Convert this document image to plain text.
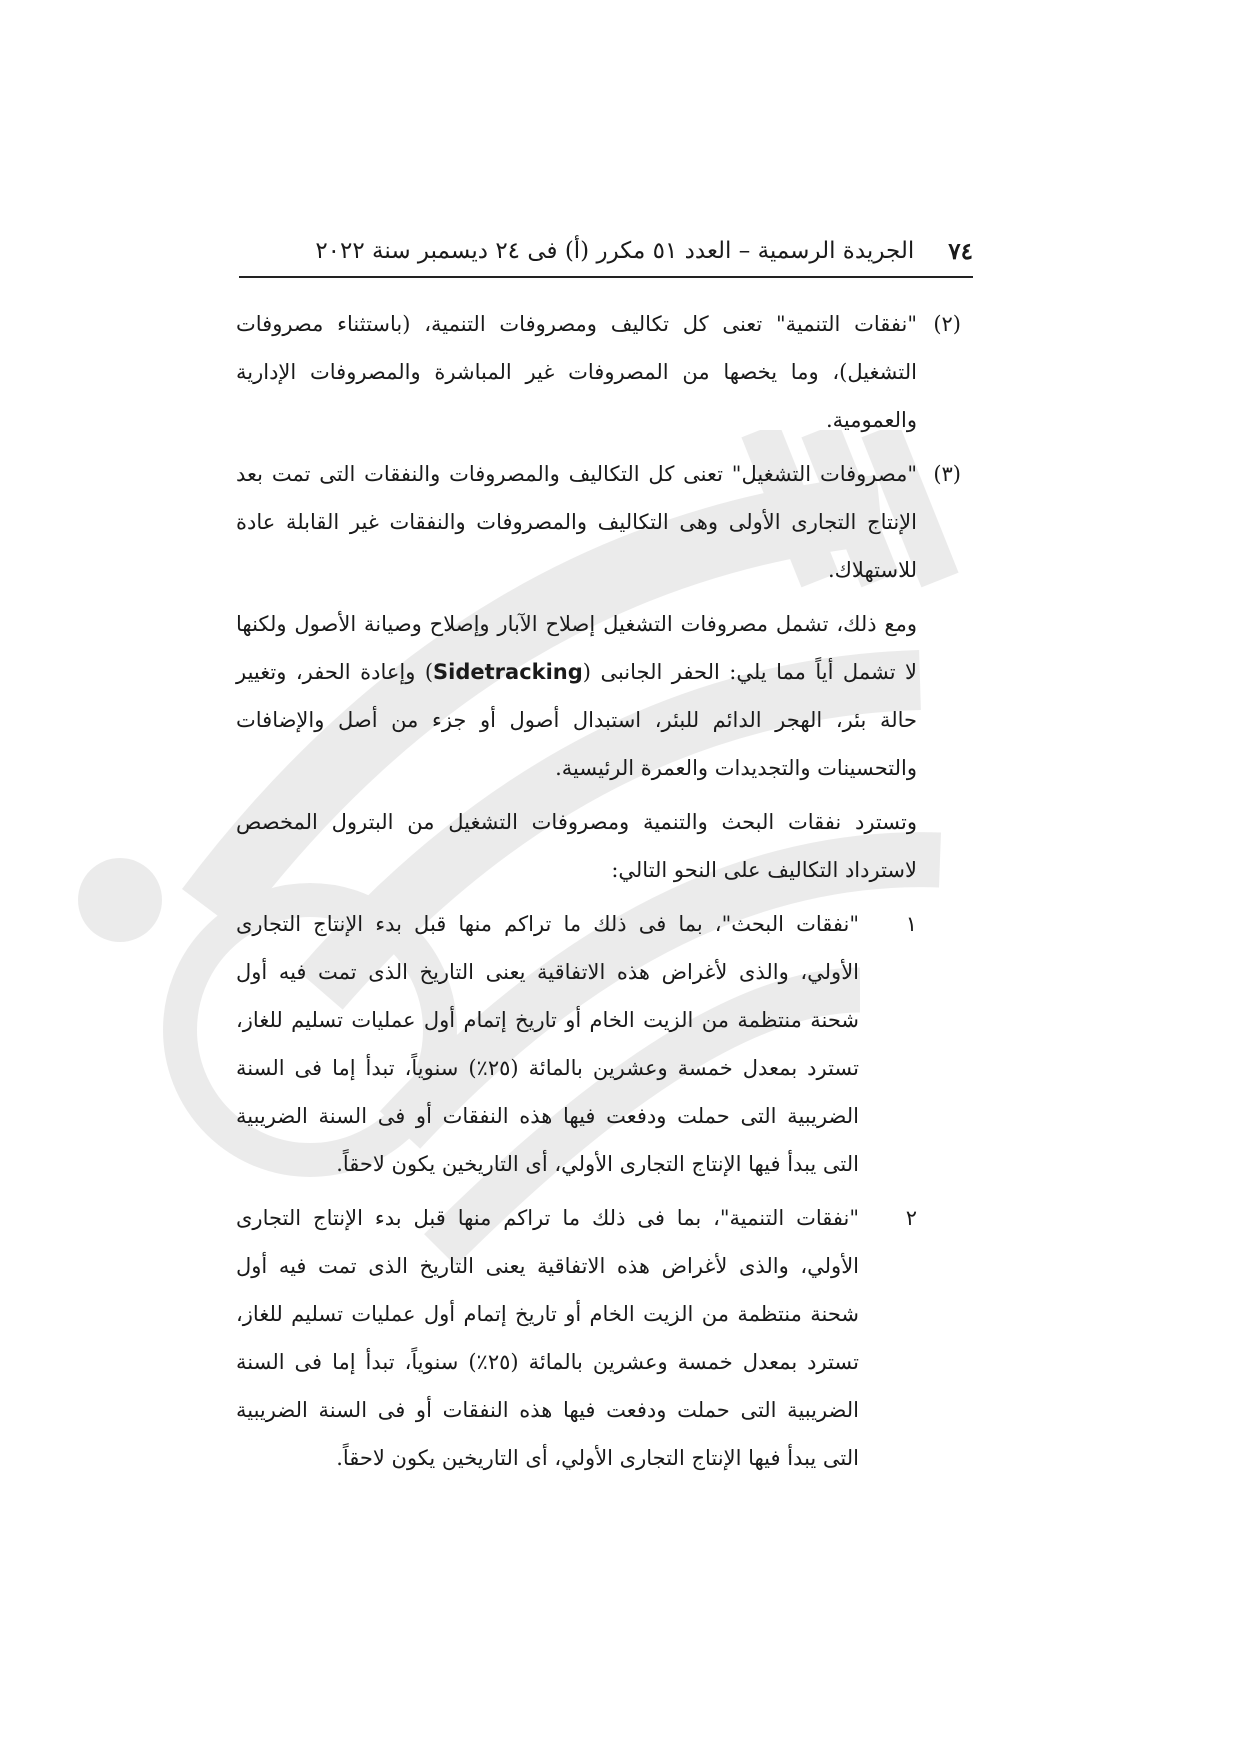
٧٤
الجريدة الرسمية – العدد ٥١ مكرر (أ) فى ٢٤ ديسمبر سنة ٢٠٢٢
(٢)
"نفقات التنمية" تعنى كل تكاليف ومصروفات التنمية، (باستثناء مصروفات التشغيل)، وما يخصها من المصروفات غير المباشرة والمصروفات الإدارية والعمومية.
(٣)
"مصروفات التشغيل" تعنى كل التكاليف والمصروفات والنفقات التى تمت بعد الإنتاج التجارى الأولى وهى التكاليف والمصروفات والنفقات غير القابلة عادة للاستهلاك.

ومع ذلك، تشمل مصروفات التشغيل إصلاح الآبار وإصلاح وصيانة الأصول ولكنها لا تشمل أياً مما يلي: الحفر الجانبى (Sidetracking) وإعادة الحفر، وتغيير حالة بئر، الهجر الدائم للبئر، استبدال أصول أو جزء من أصل والإضافات والتحسينات والتجديدات والعمرة الرئيسية.

وتسترد نفقات البحث والتنمية ومصروفات التشغيل من البترول المخصص لاسترداد التكاليف على النحو التالي:

١
"نفقات البحث"، بما فى ذلك ما تراكم منها قبل بدء الإنتاج التجارى الأولي، والذى لأغراض هذه الاتفاقية يعنى التاريخ الذى تمت فيه أول شحنة منتظمة من الزيت الخام أو تاريخ إتمام أول عمليات تسليم للغاز، تسترد بمعدل خمسة وعشرين بالمائة (٢٥٪) سنوياً، تبدأ إما فى السنة الضريبية التى حملت ودفعت فيها هذه النفقات أو فى السنة الضريبية التى يبدأ فيها الإنتاج التجارى الأولي، أى التاريخين يكون لاحقاً.
٢
"نفقات التنمية"، بما فى ذلك ما تراكم منها قبل بدء الإنتاج التجارى الأولي، والذى لأغراض هذه الاتفاقية يعنى التاريخ الذى تمت فيه أول شحنة منتظمة من الزيت الخام أو تاريخ إتمام أول عمليات تسليم للغاز، تسترد بمعدل خمسة وعشرين بالمائة (٢٥٪) سنوياً، تبدأ إما فى السنة الضريبية التى حملت ودفعت فيها هذه النفقات أو فى السنة الضريبية التى يبدأ فيها الإنتاج التجارى الأولي، أى التاريخين يكون لاحقاً.
